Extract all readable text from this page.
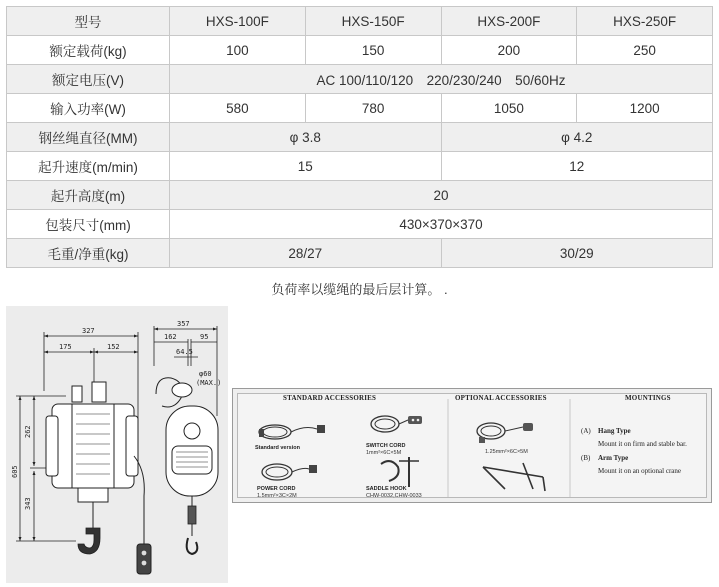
型号	HXS-100F	HXS-150F	HXS-200F	HXS-250F
额定载荷(kg)	100	150	200	250
额定电压(V)	AC 100/110/120　220/230/240　50/60Hz			
输入功率(W)	580	780	1050	1200
钢丝绳直径(MM)	φ 3.8		φ 4.2	
起升速度(m/min)	15		12	
起升高度(m)	20			
包装尺寸(mm)	430×370×370			
毛重/净重(kg)	28/27		30/29	
负荷率以缆绳的最后层计算。 .
327
175	152
357
162	95
64.5
φ60
(MAX.)
262
605
343
STANDARD ACCESSORIES	OPTIONAL ACCESSORIES	MOUNTINGS
Standard version	SWITCH CORD
1mm²×6C×5M
POWER CORD
1.5mm²×3C×2M
SADDLE HOOK
CHW-0032,CHW-0033
1.25mm²×6C×5M
(A) Hang Type
Mount it on firm and stable bar.
(B) Arm Type
Mount it on an optional crane
